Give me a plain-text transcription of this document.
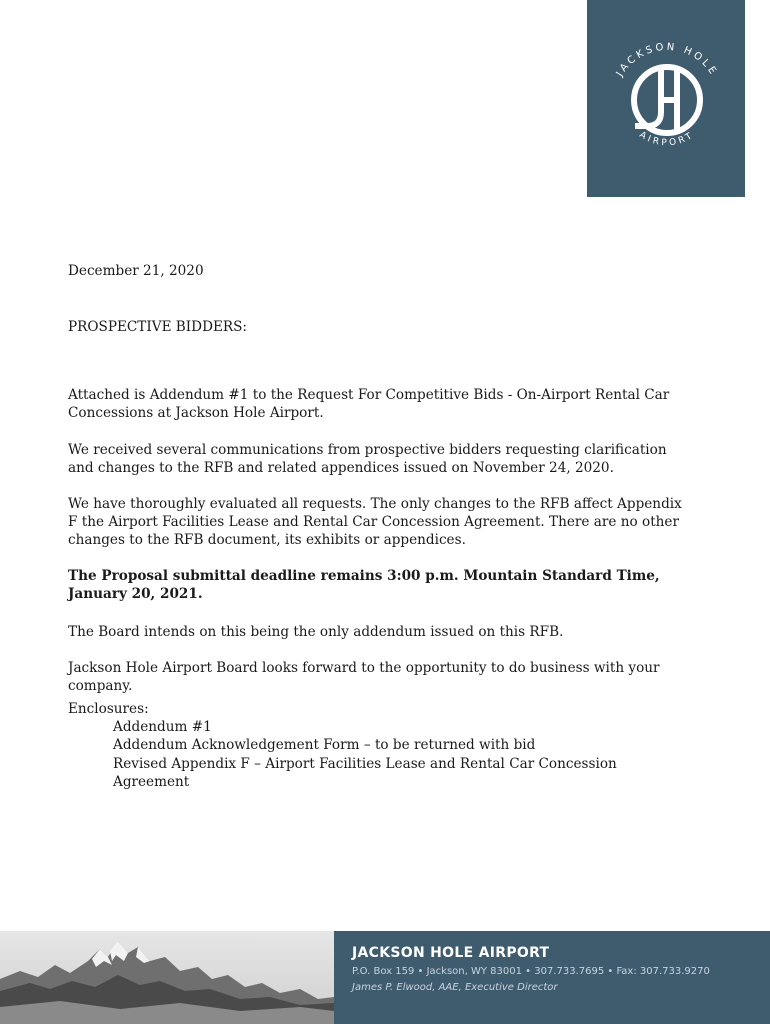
JACKSON HOLE
AIRPORT
December 21, 2020
PROSPECTIVE BIDDERS:

Attached is Addendum #1 to the Request For Competitive Bids - On-Airport Rental Car Concessions at Jackson Hole Airport.

We received several communications from prospective bidders requesting clarification and changes to the RFB and related appendices issued on November 24, 2020.

We have thoroughly evaluated all requests. The only changes to the RFB affect Appendix F the Airport Facilities Lease and Rental Car Concession Agreement. There are no other changes to the RFB document, its exhibits or appendices.

The Proposal submittal deadline remains 3:00 p.m. Mountain Standard Time, January 20, 2021.

The Board intends on this being the only addendum issued on this RFB.

Jackson Hole Airport Board looks forward to the opportunity to do business with your company.

Enclosures:
Addendum #1
Addendum Acknowledgement Form – to be returned with bid
Revised Appendix F – Airport Facilities Lease and Rental Car Concession Agreement

JACKSON HOLE AIRPORT

P.O. Box 159 • Jackson, WY 83001 • 307.733.7695 • Fax: 307.733.9270

James P. Elwood, AAE, Executive Director
